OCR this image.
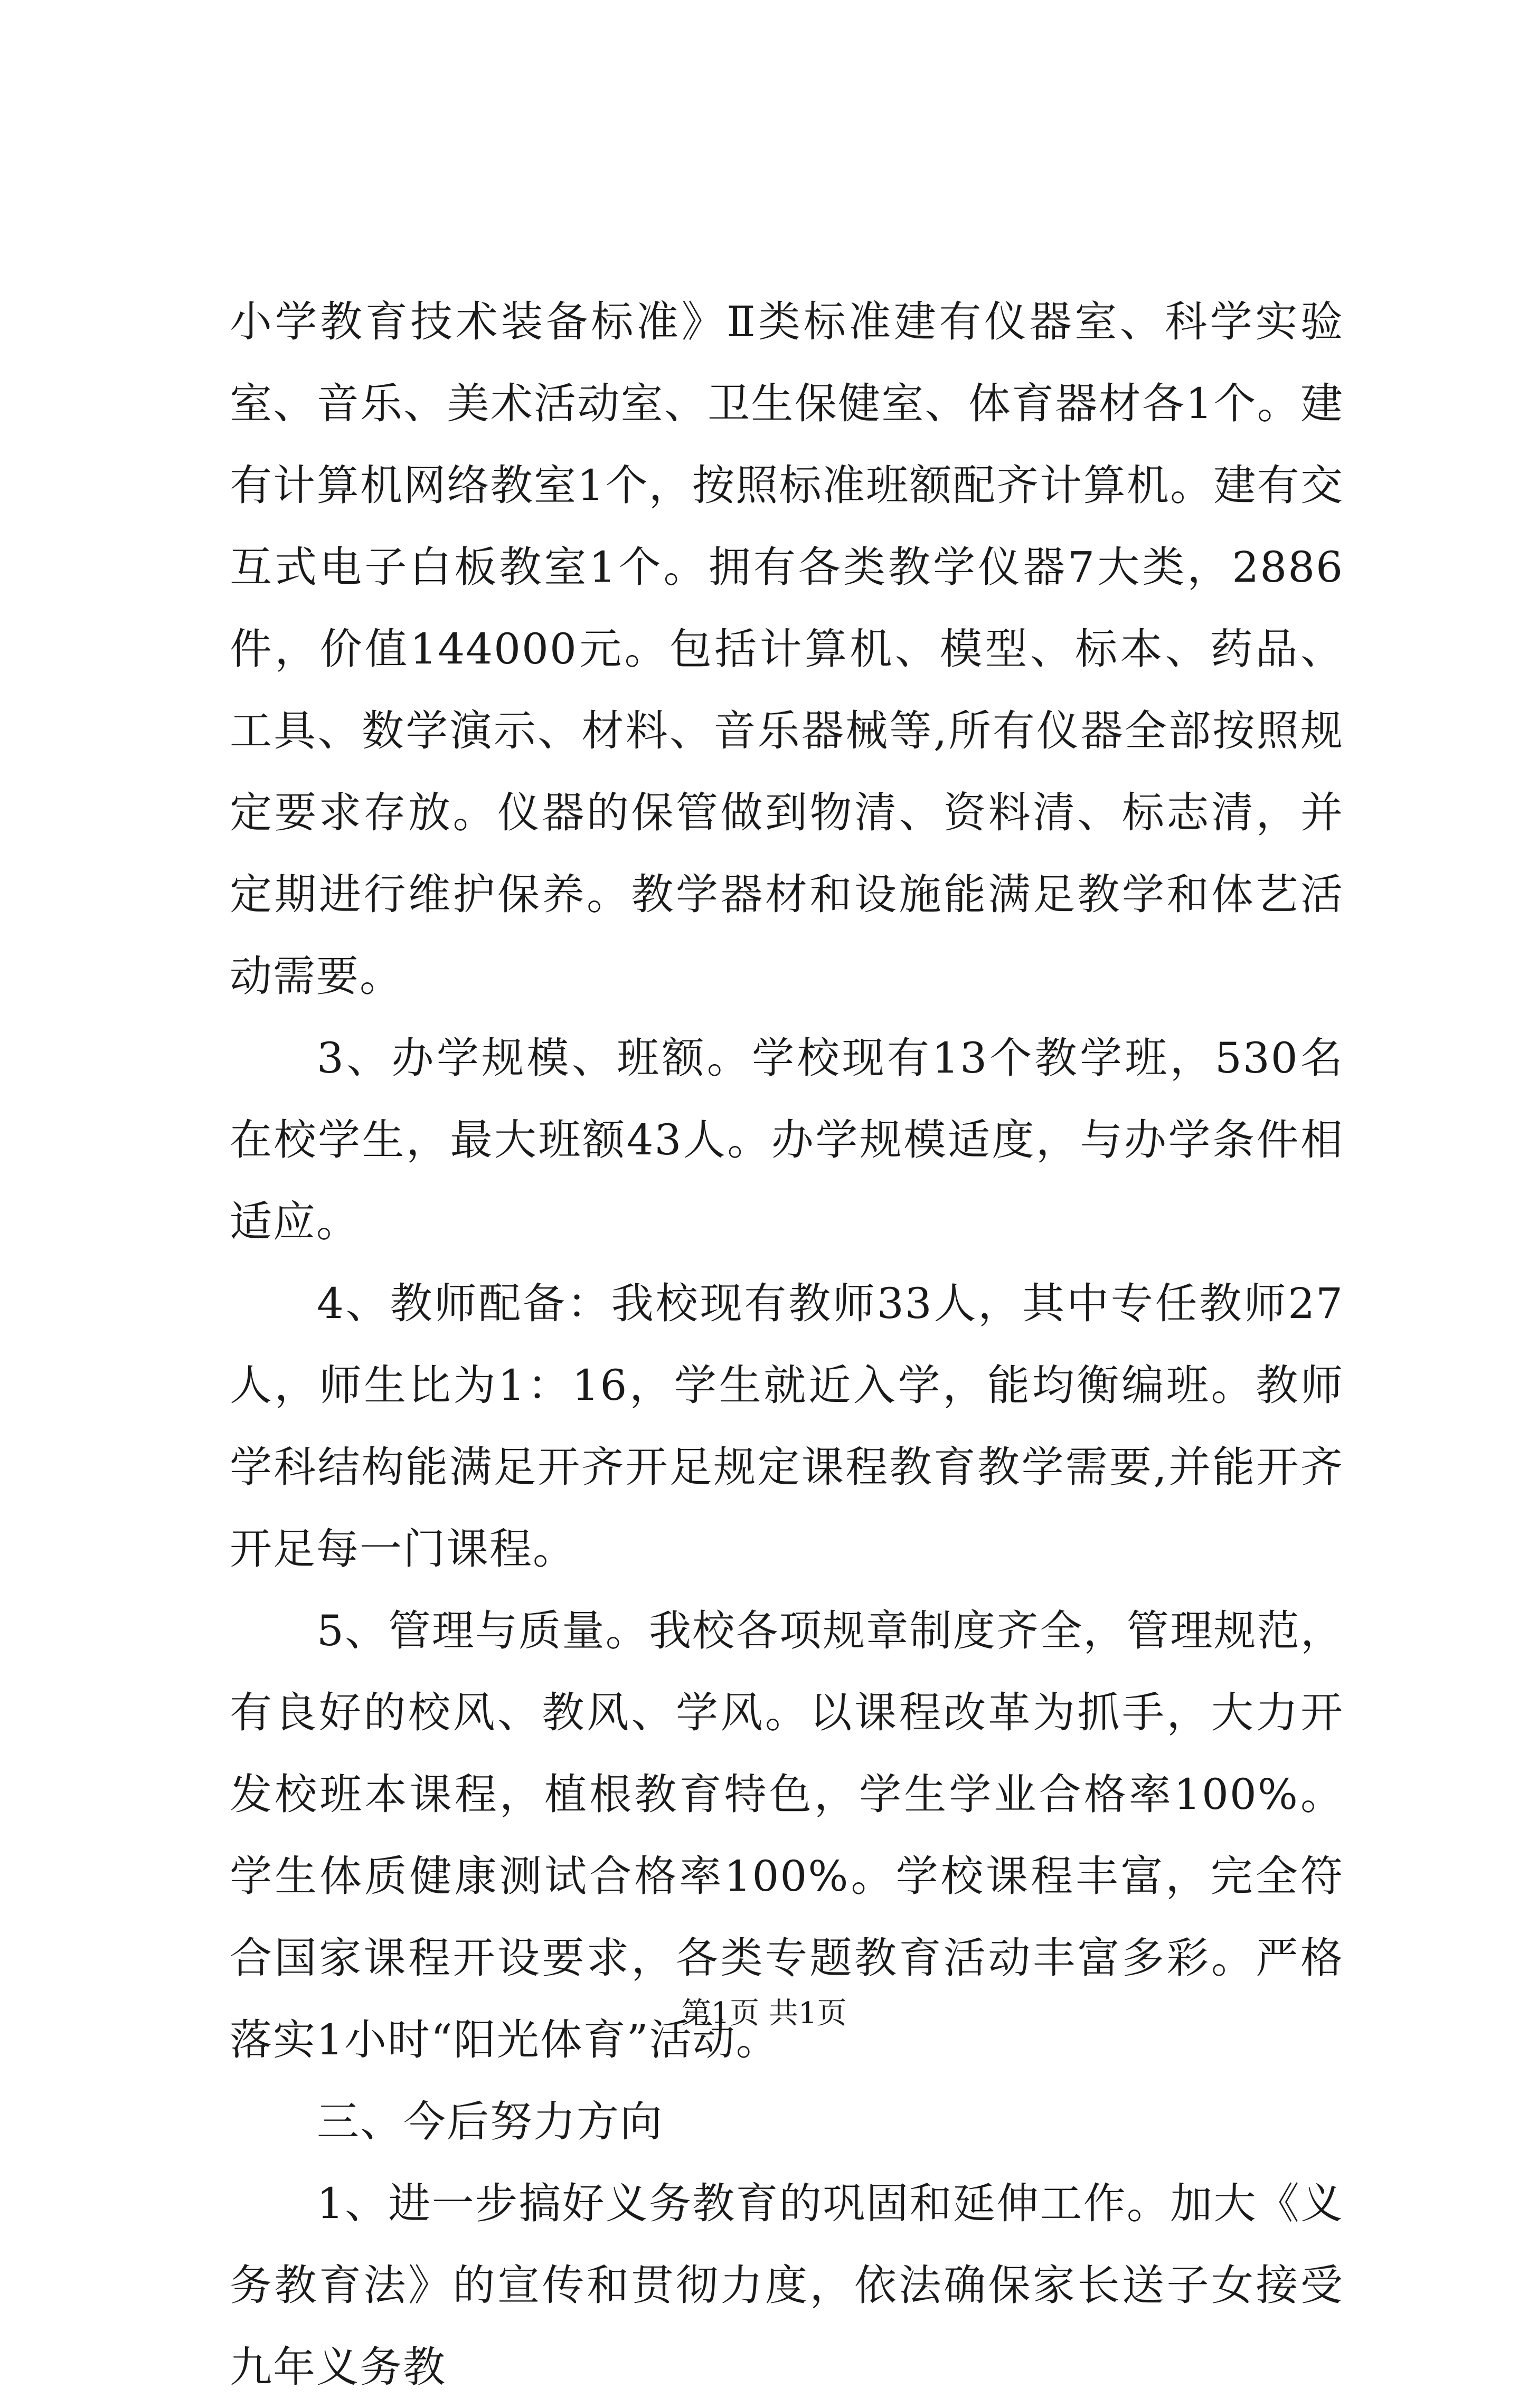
小学教育技术装备标准》Ⅱ类标准建有仪器室、科学实验室、音乐、美术活动室、卫生保健室、体育器材各1个。建有计算机网络教室1个，按照标准班额配齐计算机。建有交互式电子白板教室1个。拥有各类教学仪器7大类，2886件，价值144000元。包括计算机、模型、标本、药品、工具、数学演示、材料、音乐器械等,所有仪器全部按照规定要求存放。仪器的保管做到物清、资料清、标志清，并定期进行维护保养。教学器材和设施能满足教学和体艺活动需要。

3、办学规模、班额。学校现有13个教学班，530名在校学生，最大班额43人。办学规模适度，与办学条件相适应。

4、教师配备：我校现有教师33人，其中专任教师27人，师生比为1：16，学生就近入学，能均衡编班。教师学科结构能满足开齐开足规定课程教育教学需要,并能开齐开足每一门课程。

5、管理与质量。我校各项规章制度齐全，管理规范，有良好的校风、教风、学风。以课程改革为抓手，大力开发校班本课程，植根教育特色，学生学业合格率100%。学生体质健康测试合格率100%。学校课程丰富，完全符合国家课程开设要求，各类专题教育活动丰富多彩。严格落实1小时“阳光体育”活动。

三、今后努力方向

1、进一步搞好义务教育的巩固和延伸工作。加大《义务教育法》的宣传和贯彻力度，依法确保家长送子女接受九年义务教

第1页 共1页
